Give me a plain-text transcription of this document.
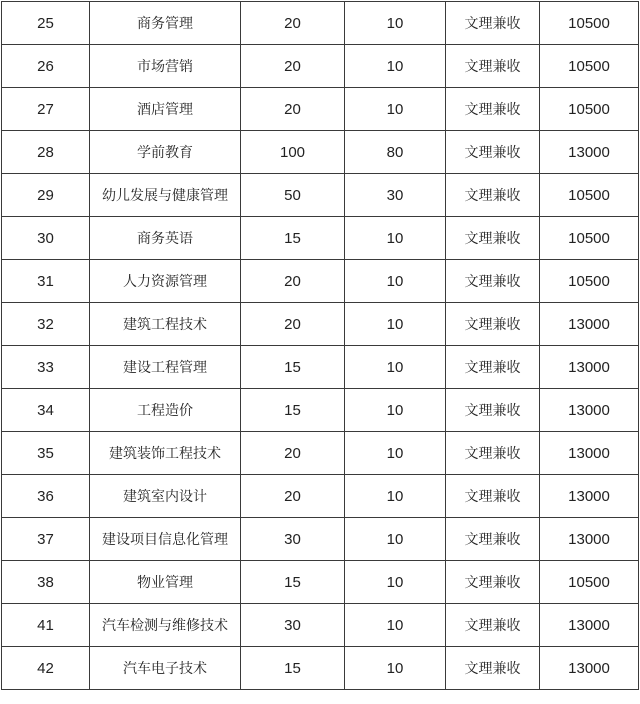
25	商务管理	20	10	文理兼收	10500
26	市场营销	20	10	文理兼收	10500
27	酒店管理	20	10	文理兼收	10500
28	学前教育	100	80	文理兼收	13000
29	幼儿发展与健康管理	50	30	文理兼收	10500
30	商务英语	15	10	文理兼收	10500
31	人力资源管理	20	10	文理兼收	10500
32	建筑工程技术	20	10	文理兼收	13000
33	建设工程管理	15	10	文理兼收	13000
34	工程造价	15	10	文理兼收	13000
35	建筑装饰工程技术	20	10	文理兼收	13000
36	建筑室内设计	20	10	文理兼收	13000
37	建设项目信息化管理	30	10	文理兼收	13000
38	物业管理	15	10	文理兼收	10500
41	汽车检测与维修技术	30	10	文理兼收	13000
42	汽车电子技术	15	10	文理兼收	13000
